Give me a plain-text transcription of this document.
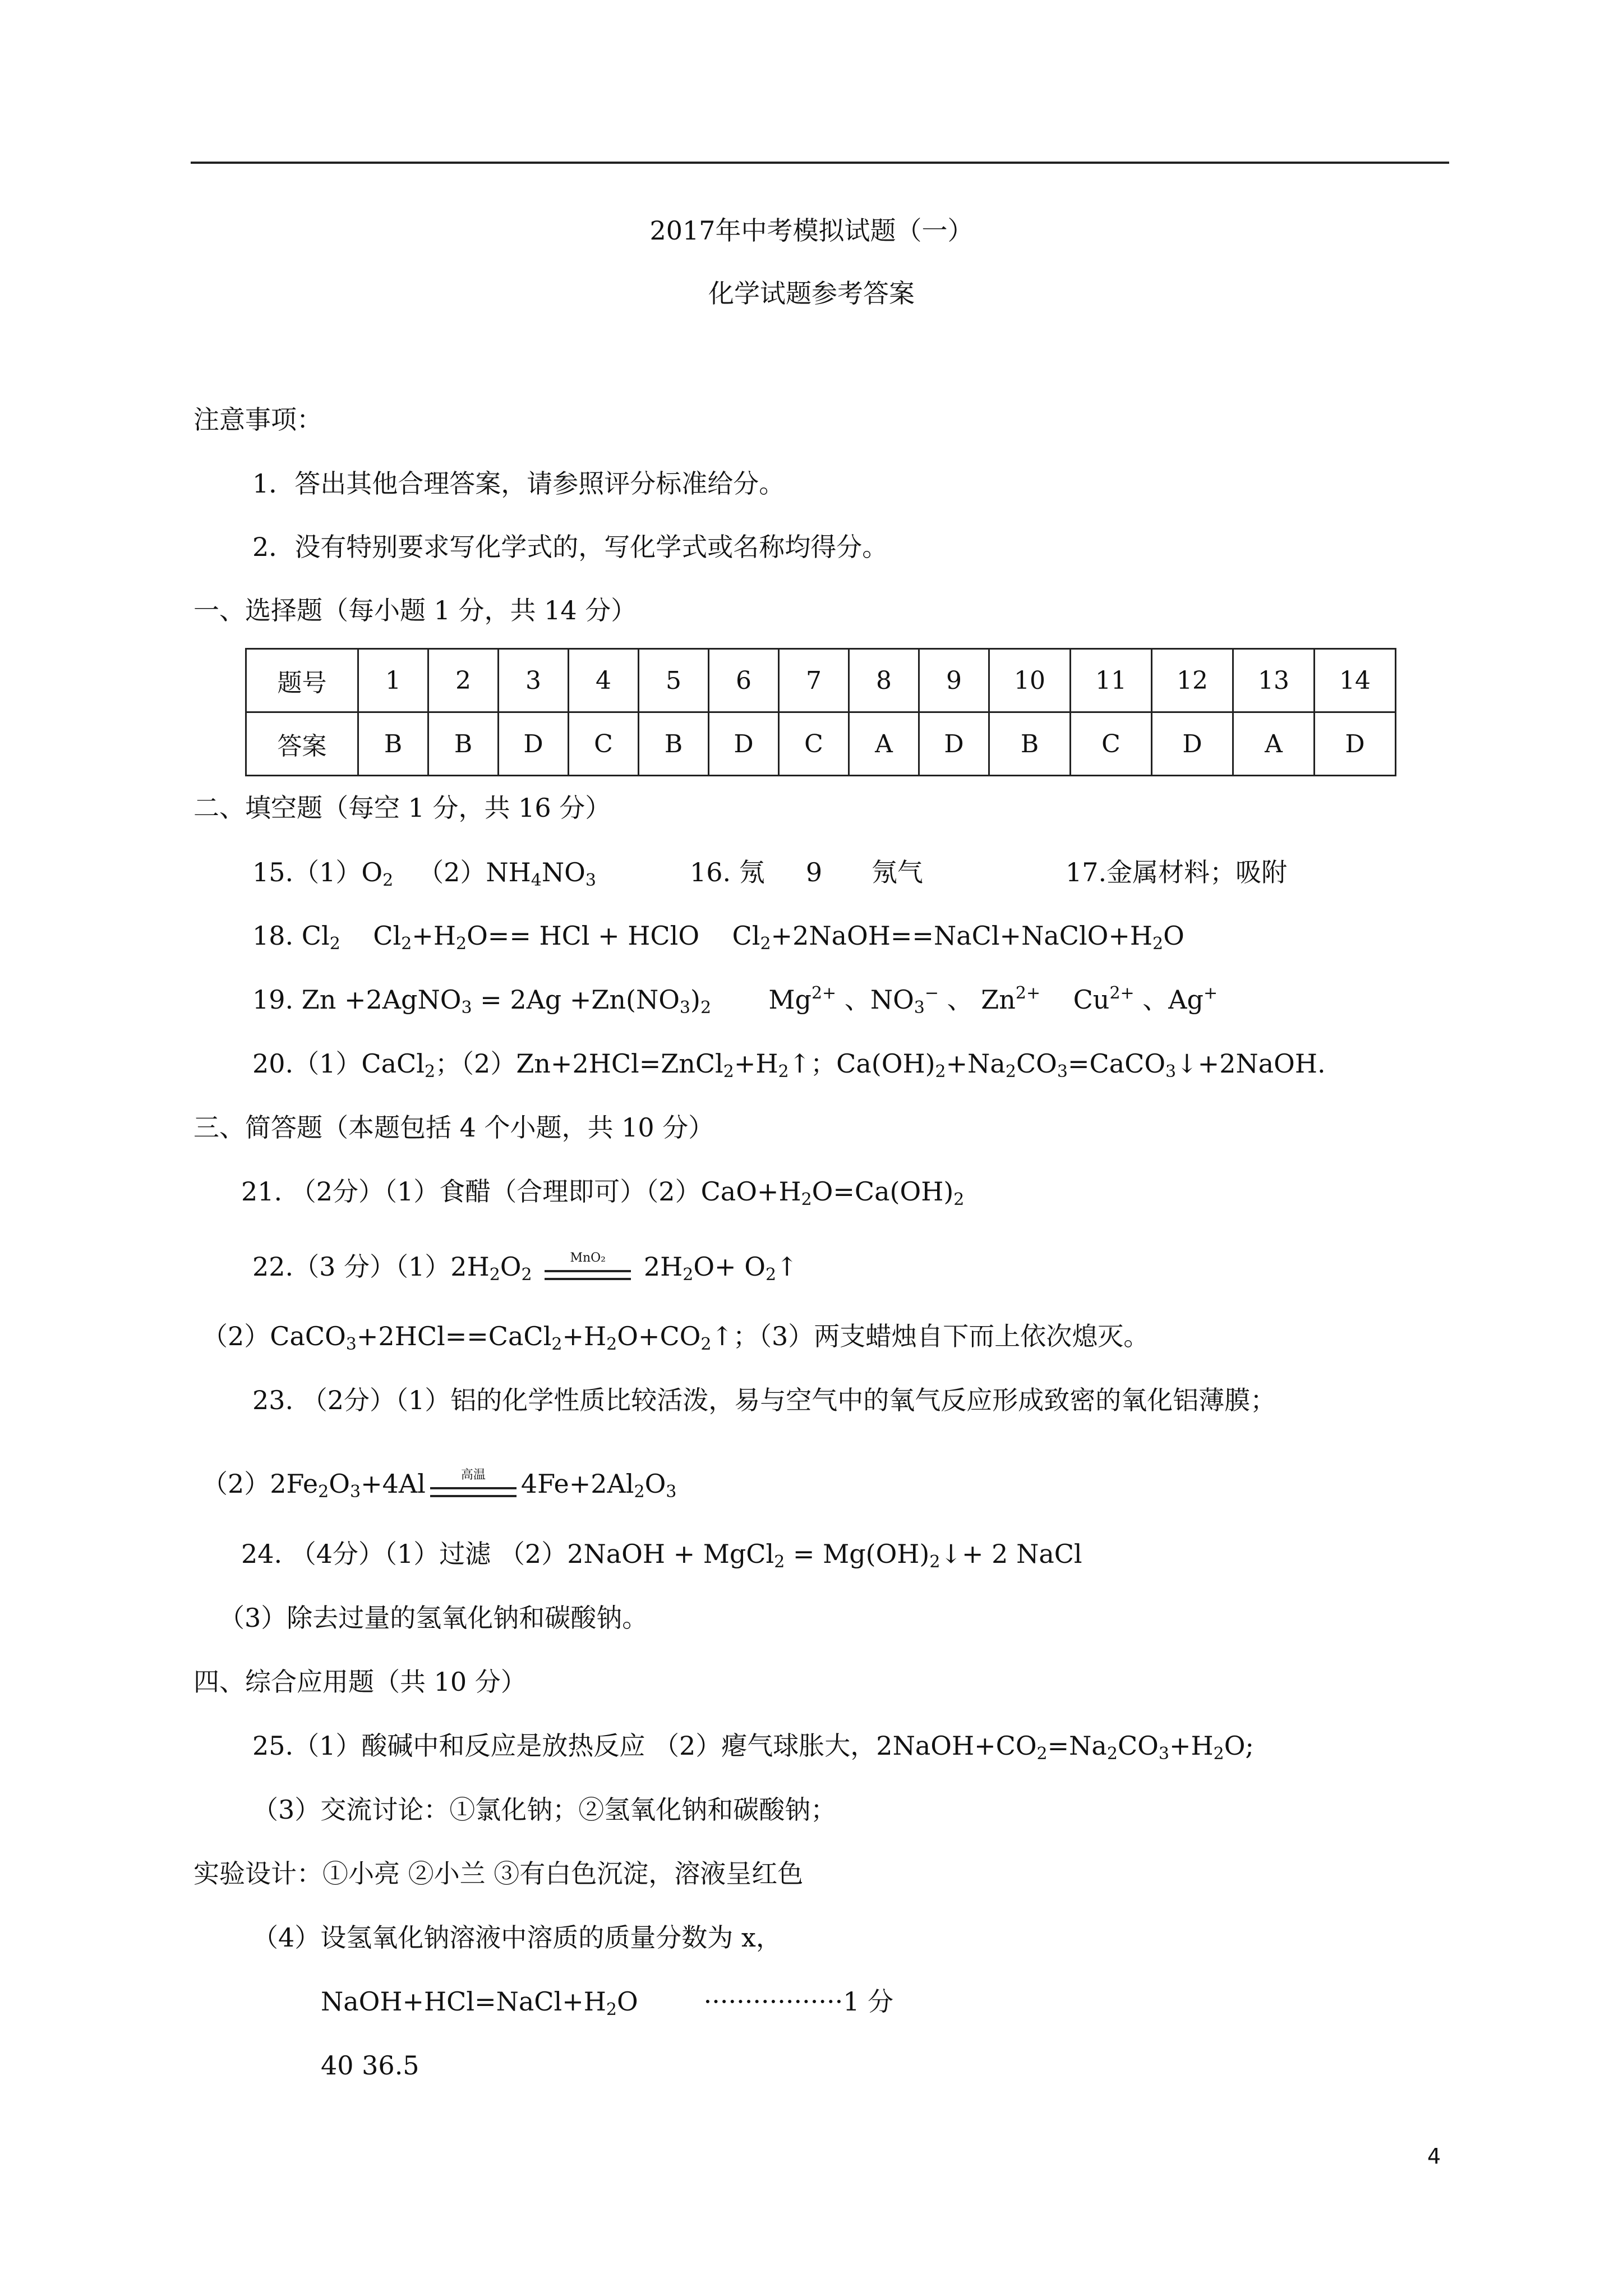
2017年中考模拟试题（一）
化学试题参考答案
注意事项：
1．答出其他合理答案，请参照评分标准给分。
2．没有特别要求写化学式的，写化学式或名称均得分。
一、选择题（每小题 1 分，共 14 分）
题号	1	2	3	4	5	6	7	8	9	10	11	12	13	14
答案	B	B	D	C	B	D	C	A	D	B	C	D	A	D
二、填空题（每空 1 分，共 16 分）
$15.(1)O_2$ $(2)NH_4NO_3$	16. 氖 9 氖气	17.金属材料；吸附
18. $Cl_2$ $Cl_2+H_2O==$ HCl + HClO $Cl_2+2NaOH==NaCl+NaClO+H_2O$
19. Zn +2AgNO$_3$ = $2Ag +Zn(NO_3)_2$ $Mg^{2+}$ 、$NO_3^-$ 、 $Zn^{2+}$ $Cu^{2+}$ 、Ag+
20.（1）CaCl$_2$；$(2)Zn+2HCl=ZnCl_2+H_2↑$；$Ca(OH)_2+Na_2CO_3=CaCO_3↓+2NaOH$.
三、简答题（本题包括 4 个小题，共 10 分）
21. （2分）（1）食醋（合理即可）$(2)CaO+H_2O=Ca(OH)_2$
22.（3 分）$(1)2H_2O_2$
MnO₂	$2H_2O+$ $O_2↑$
$(2)CaCO_3+2HCl==CaCl_2+H_2O+CO_2↑$；（3）两支蜡烛自下而上依次熄灭。
23. （2分）（1）铝的化学性质比较活泼，易与空气中的氧气反应形成致密的氧化铝薄膜；
$(2)2Fe_2O_3+4Al$	高温	$4Fe+2Al_2O_3$
24. （4分）（1）过滤 （2）2NaOH + MgCl$_2$ = $Mg(OH)_2↓+ 2$ NaCl
（3）除去过量的氢氧化钠和碳酸钠。
四、综合应用题（共 10 分）
25.（1）酸碱中和反应是放热反应 （2）瘪气球胀大，$2NaOH+CO_2=Na_2CO_3+H_2O$;
（3）交流讨论：①氯化钠；②氢氧化钠和碳酸钠；
实验设计：①小亮 ②小兰 ③有白色沉淀，溶液呈红色
（4）设氢氧化钠溶液中溶质的质量分数为 x，
$NaOH+HCl=NaCl+H_2O$	·················1 分
40 36.5
4
